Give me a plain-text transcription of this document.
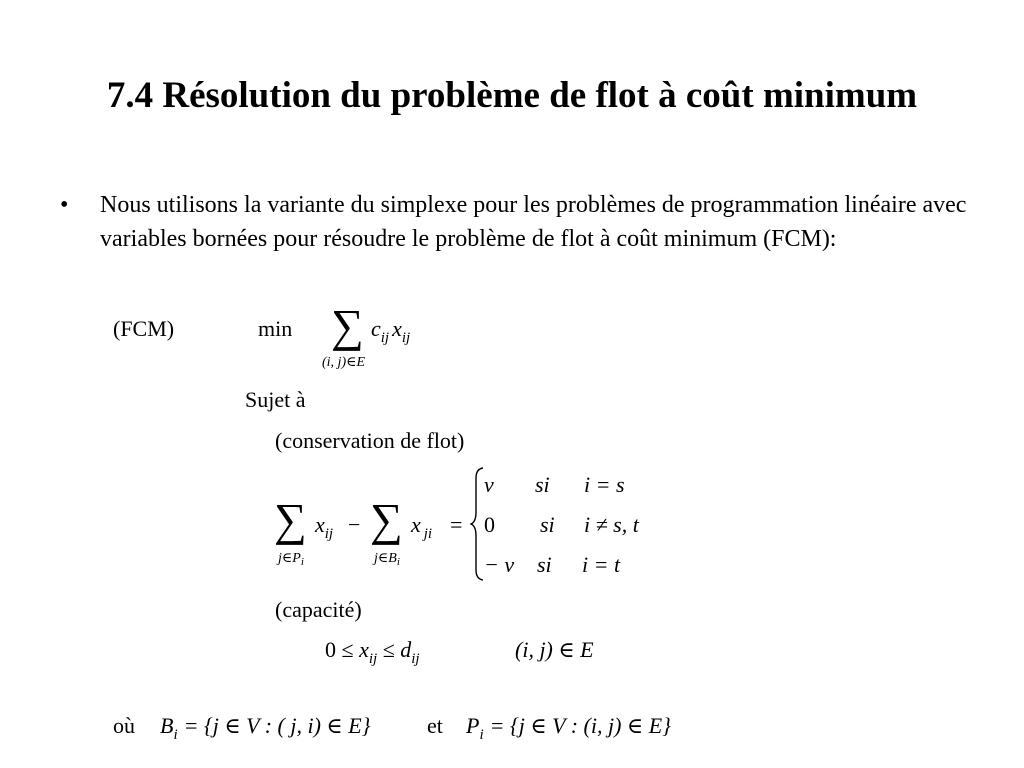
7.4 Résolution du problème de flot à coût minimum
• Nous utilisons la variante du simplexe pour les problèmes de programmation linéaire avec variables bornées pour résoudre le problème de flot à coût minimum (FCM):
(FCM)	min ∑ $c_{ij}$ $x_{ij}$
(i, j)∈E
Sujet à
(conservation de flot)
∑ $x_{ij}$ −
$j\in P_i$
∑ x $_{ji}$
$j\in B_i$
=
v si i = s
0 si i ≠ s, t
− v si i = t
(capacité)
$0 \le x_{ij} \le d_{ij}$	(i, j) ∈ E
où $B_i = \{j$ ∈ V : ( j, i) ∈ E}	et $P_i = \{j$ ∈ V : (i, j) ∈ E}
